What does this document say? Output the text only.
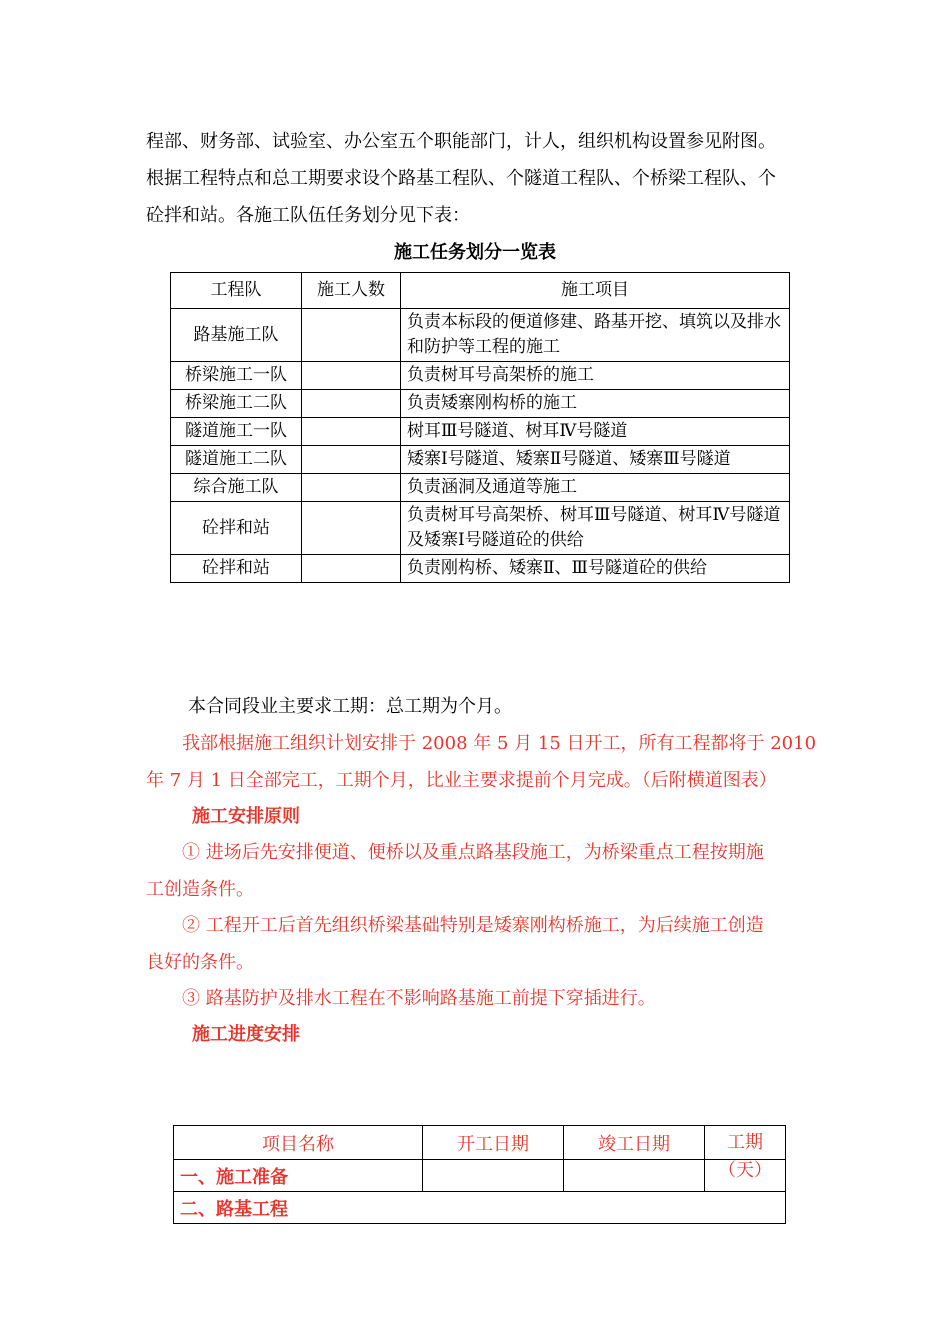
程部、财务部、试验室、办公室五个职能部门，计人，组织机构设置参见附图。
根据工程特点和总工期要求设个路基工程队、个隧道工程队、个桥梁工程队、个
砼拌和站。各施工队伍任务划分见下表：
施工任务划分一览表
工程队	施工人数	施工项目
路基施工队		负责本标段的便道修建、路基开挖、填筑以及排水和防护等工程的施工
桥梁施工一队		负责树耳号高架桥的施工
桥梁施工二队		负责矮寨刚构桥的施工
隧道施工一队		树耳Ⅲ号隧道、树耳Ⅳ号隧道
隧道施工二队		矮寨Ⅰ号隧道、矮寨Ⅱ号隧道、矮寨Ⅲ号隧道
综合施工队		负责涵洞及通道等施工
砼拌和站		负责树耳号高架桥、树耳Ⅲ号隧道、树耳Ⅳ号隧道及矮寨Ⅰ号隧道砼的供给
砼拌和站		负责刚构桥、矮寨Ⅱ、Ⅲ号隧道砼的供给
本合同段业主要求工期：总工期为个月。
我部根据施工组织计划安排于 2008 年 5 月 15 日开工，所有工程都将于 2010
年 7 月 1 日全部完工，工期个月，比业主要求提前个月完成。（后附横道图表）
施工安排原则
① 进场后先安排便道、便桥以及重点路基段施工，为桥梁重点工程按期施
工创造条件。
② 工程开工后首先组织桥梁基础特别是矮寨刚构桥施工，为后续施工创造
良好的条件。
③ 路基防护及排水工程在不影响路基施工前提下穿插进行。
施工进度安排
项目名称	开工日期	竣工日期	工期（天）

一、施工准备			
二、路基工程			
